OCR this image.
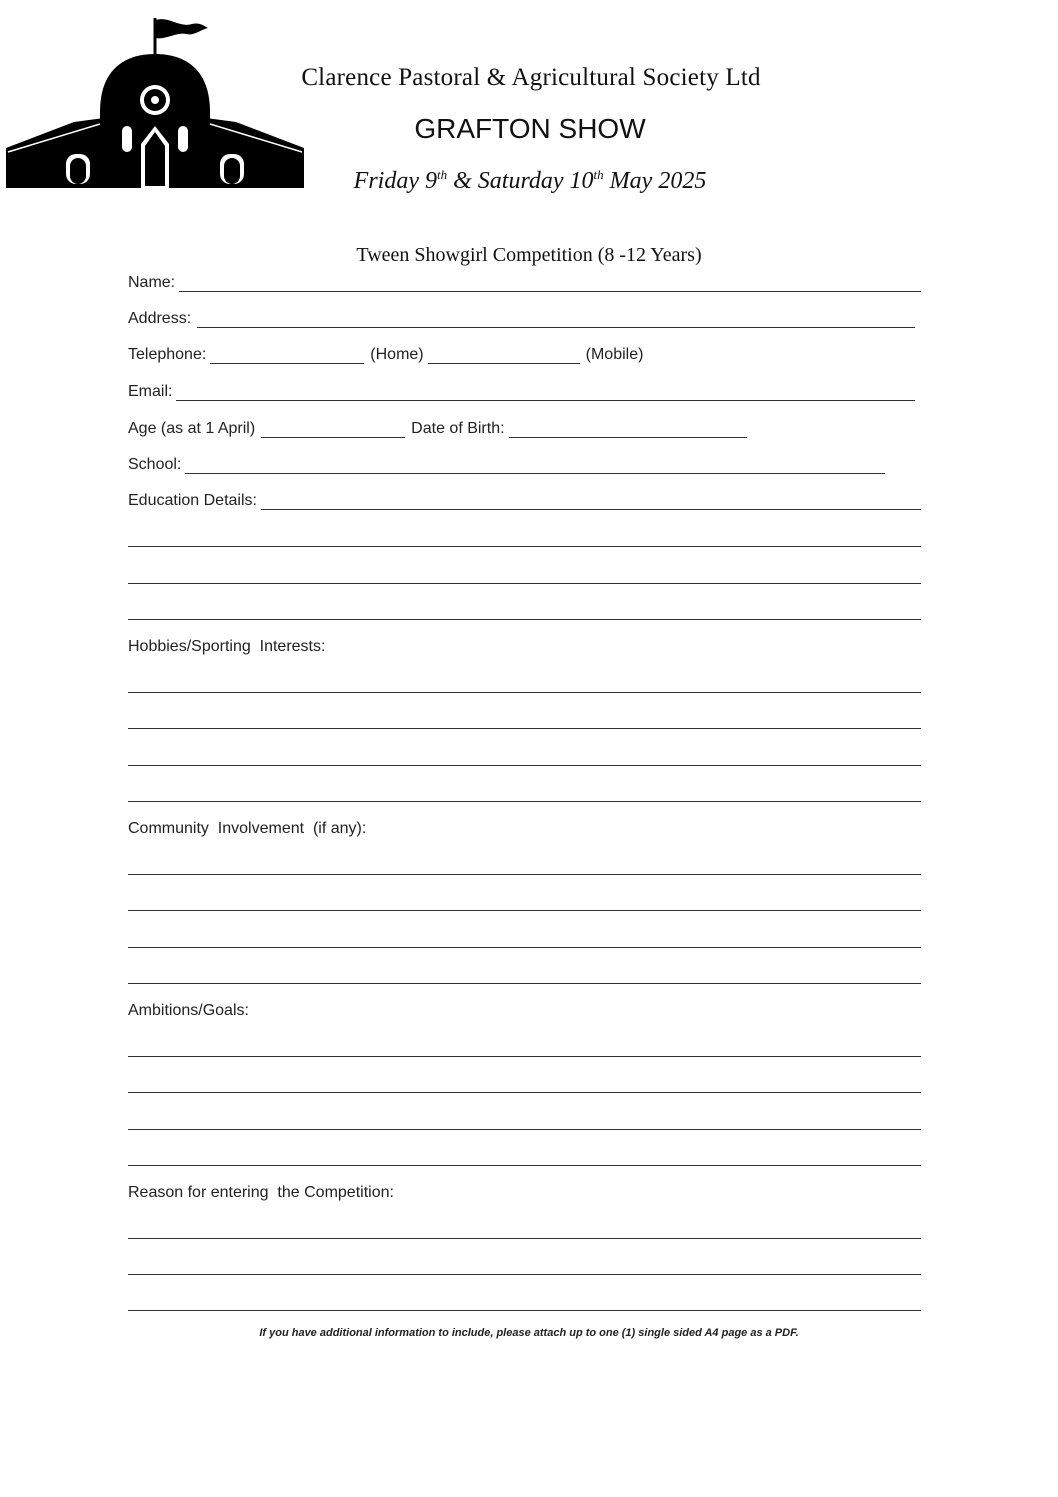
Clarence Pastoral & Agricultural Society Ltd
GRAFTON SHOW
Friday 9th & Saturday 10th May 2025
Tween Showgirl Competition (8 -12 Years)
Name:
Address:
Telephone:	(Home)	(Mobile)
Email:
Age (as at 1 April)	Date of Birth:
School:
Education Details:
Hobbies/Sporting  Interests:
Community  Involvement  (if any):
Ambitions/Goals:
Reason for entering  the Competition:
If you have additional information to include, please attach up to one (1) single sided A4 page as a PDF.
